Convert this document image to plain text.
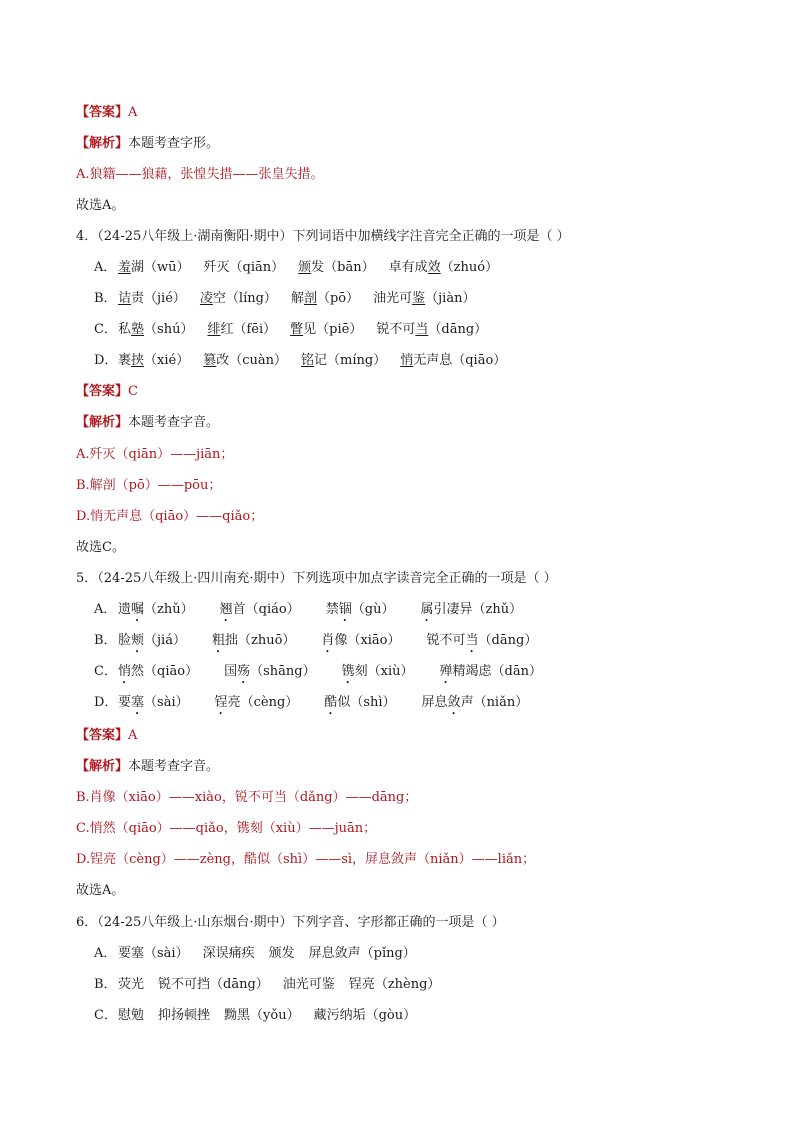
【答案】A
【解析】本题考查字形。
A.狼籍——狼藉，张惶失措——张皇失措。
故选A。
4．（24-25八年级上·湖南衡阳·期中）下列词语中加横线字注音完全正确的一项是（ ）
A． 羞湖（wū） 歼灭（qiān） 颁发（bān） 卓有成效（zhuó）
B．诘责（jié） 凌空（líng） 解剖（pō） 油光可鉴（jiàn）
C．私塾（shú） 绯红（fēi） 瞥见（piē） 锐不可当（dāng）
D．裹挟（xié） 篡改（cuàn） 铭记（míng） 悄无声息（qiāo）
【答案】C
【解析】本题考查字音。
A.歼灭（qiān）——jiān；
B.解剖（pō）——pōu；
D.悄无声息（qiāo）——qiǎo；
故选C。
5．（24-25八年级上·四川南充·期中）下列选项中加点字读音完全正确的一项是（ ）
A． 遗嘱（zhǔ） 翘首（qiáo） 禁锢（gù） 属引凄异（zhǔ）
B．脸颊（jiá） 粗拙（zhuō） 肖像（xiāo） 锐不可当（dāng）
C．悄然（qiāo） 国殇（shāng） 镌刻（xiù） 殚精竭虑（dān）
D．要塞（sài） 锃亮（cèng） 酷似（shì） 屏息敛声（niǎn）
【答案】A
【解析】本题考查字音。
B.肖像（xiāo）——xiào，锐不可当（dǎng）——dāng；
C.悄然（qiāo）——qiǎo，镌刻（xiù）——juān；
D.锃亮（cèng）——zèng，酷似（shì）——sì，屏息敛声（niǎn）——liǎn；
故选A。
6．（24-25八年级上·山东烟台·期中）下列字音、字形都正确的一项是（ ）
A． 要塞（sài） 深误痛疾 颁发 屏息敛声（pǐng）
B．荧光 锐不可挡（dāng） 油光可鉴 锃亮（zhèng）
C．慰勉 抑扬顿挫 黝黑（yǒu） 藏污纳垢（gòu）
